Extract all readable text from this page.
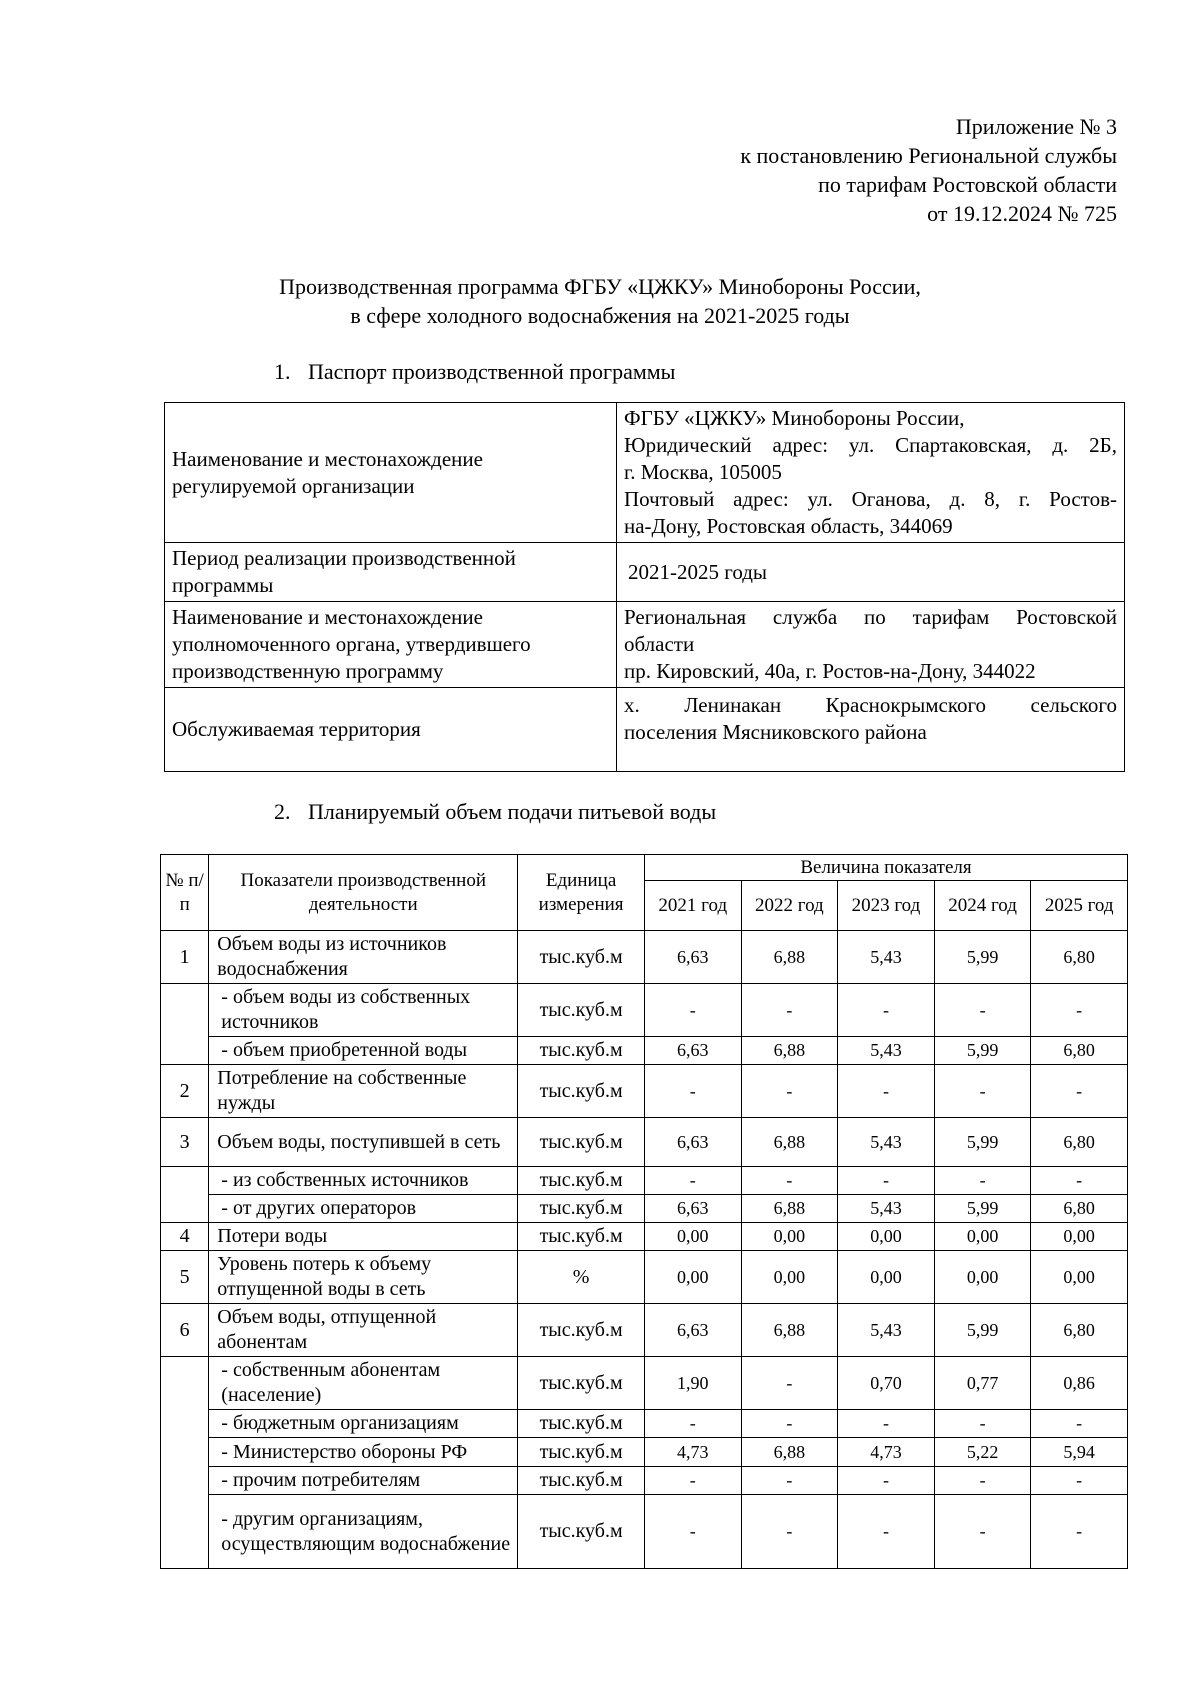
Приложение № 3
к постановлению Региональной службы
по тарифам Ростовской области
от 19.12.2024 № 725
Производственная программа ФГБУ «ЦЖКУ» Минобороны России,
в сфере холодного водоснабжения на 2021-2025 годы
1. Паспорт производственной программы
Наименование и местонахождение регулируемой организации	ФГБУ «ЦЖКУ» Минобороны России,
Юридический адрес: ул. Спартаковская, д. 2Б,
г. Москва, 105005
Почтовый адрес: ул. Оганова, д. 8, г. Ростов-
на-Дону, Ростовская область, 344069

Период реализации производственной программы	2021-2025 годы

Наименование и местонахождение уполномоченного органа, утвердившего производственную программу	Региональная служба по тарифам Ростовской
области
пр. Кировский, 40а, г. Ростов-на-Дону, 344022

Обслуживаемая территория	х. Ленинакан Краснокрымского сельского
поселения Мясниковского района
2. Планируемый объем подачи питьевой воды
№ п/п	Показатели производственной деятельности	Единица измерения	Величина показателя				
			2021 год	2022 год	2023 год	2024 год	2025 год
1	Объем воды из источников водоснабжения	тыс.куб.м	6,63	6,88	5,43	5,99	6,80
	- объем воды из собственных источников	тыс.куб.м	-	-	-	-	-
	- объем приобретенной воды	тыс.куб.м	6,63	6,88	5,43	5,99	6,80
2	Потребление на собственные нужды	тыс.куб.м	-	-	-	-	-
3	Объем воды, поступившей в сеть	тыс.куб.м	6,63	6,88	5,43	5,99	6,80
	- из собственных источников	тыс.куб.м	-	-	-	-	-
	- от других операторов	тыс.куб.м	6,63	6,88	5,43	5,99	6,80
4	Потери воды	тыс.куб.м	0,00	0,00	0,00	0,00	0,00
5	Уровень потерь к объему отпущенной воды в сеть	%	0,00	0,00	0,00	0,00	0,00
6	Объем воды, отпущенной абонентам	тыс.куб.м	6,63	6,88	5,43	5,99	6,80
	- собственным абонентам (население)	тыс.куб.м	1,90	-	0,70	0,77	0,86
	- бюджетным организациям	тыс.куб.м	-	-	-	-	-
	- Министерство обороны РФ	тыс.куб.м	4,73	6,88	4,73	5,22	5,94
	- прочим потребителям	тыс.куб.м	-	-	-	-	-
	- другим организациям, осуществляющим водоснабжение	тыс.куб.м	-	-	-	-	-
